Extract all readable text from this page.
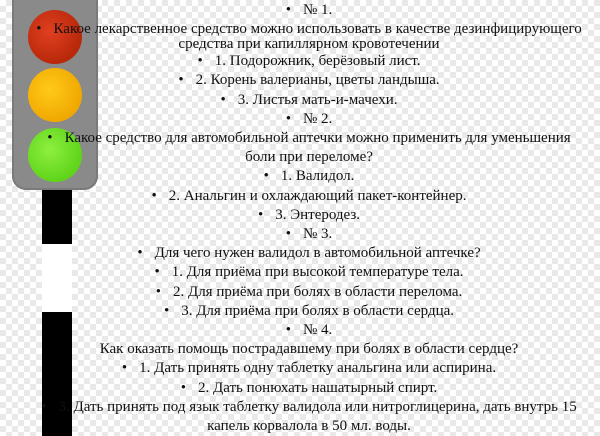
• № 1.
• Какое лекарственное средство можно использовать в качестве дезинфицирующего средства при капиллярном кровотечении
• 1. Подорожник, берёзовый лист.
• 2. Корень валерианы, цветы ландыша.
• 3. Листья мать-и-мачехи.
• № 2.
• Какое средство для автомобильной аптечки можно применить для уменьшения боли при переломе?
• 1. Валидол.
• 2. Анальгин и охлаждающий пакет-контейнер.
• 3. Энтеродез.
• № 3.
• Для чего нужен валидол в автомобильной аптечке?
• 1. Для приёма при высокой температуре тела.
• 2. Для приёма при болях в области перелома.
• 3. Для приёма при болях в области сердца.
• № 4.
Как оказать помощь пострадавшему при болях в области сердце?
• 1. Дать принять одну таблетку анальгина или аспирина.
• 2. Дать понюхать нашатырный спирт.
• 3. Дать принять под язык таблетку валидола или нитроглицерина, дать внутрь 15 капель корвалола в 50 мл. воды.
